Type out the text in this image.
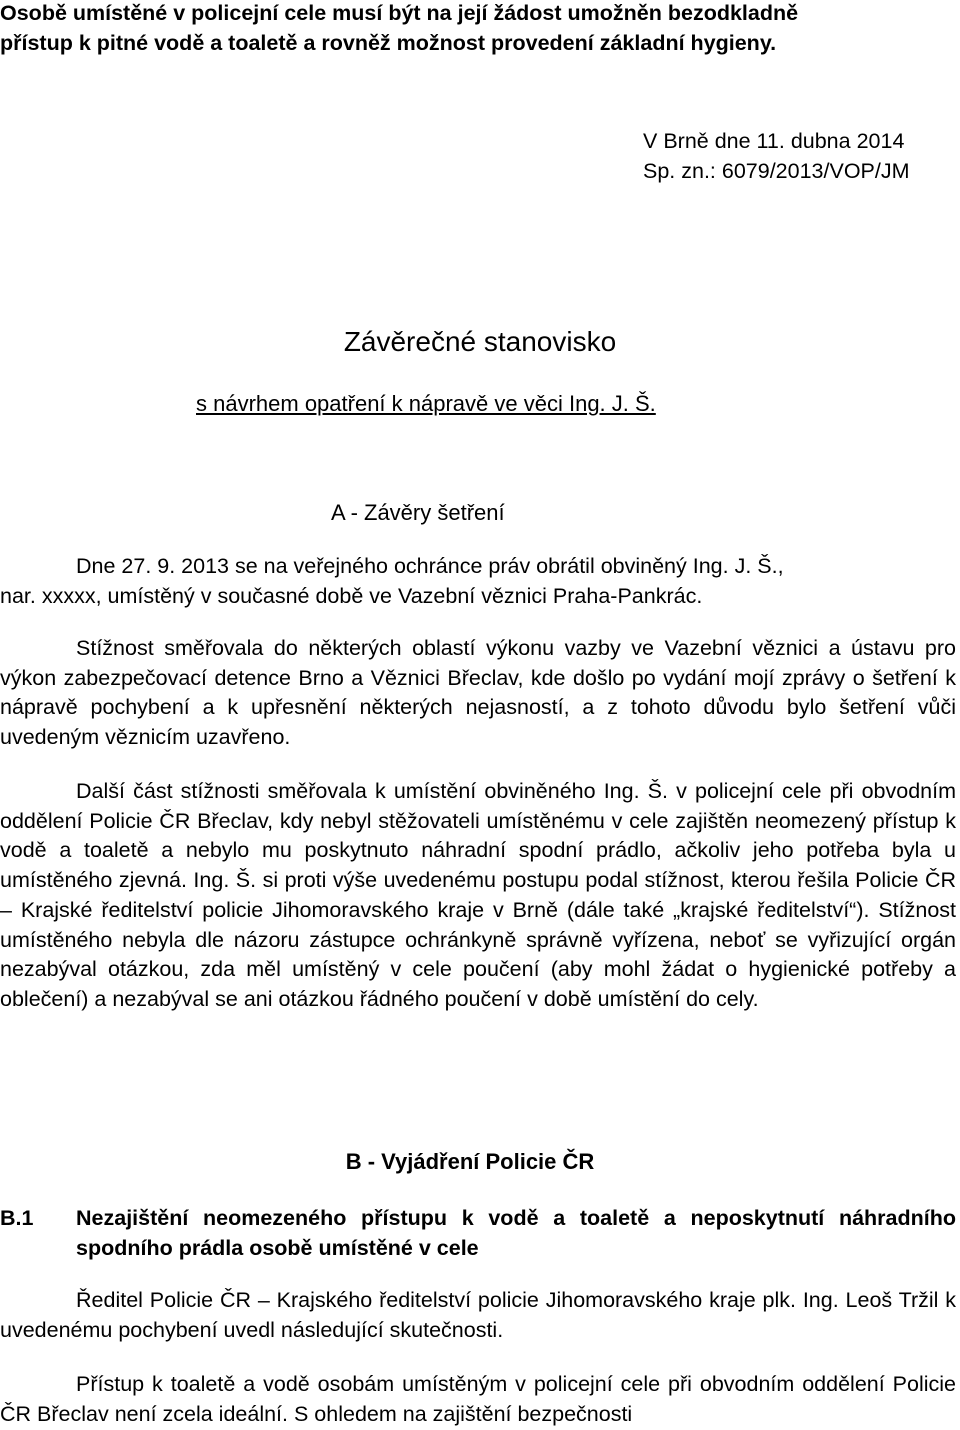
Osobě umístěné v policejní cele musí být na její žádost umožněn bezodkladně
přístup k pitné vodě a toaletě a rovněž možnost provedení základní hygieny.
V Brně dne 11. dubna 2014
Sp. zn.: 6079/2013/VOP/JM
Závěrečné stanovisko
s návrhem opatření k nápravě ve věci Ing. J. Š.
A - Závěry šetření
Dne 27. 9. 2013 se na veřejného ochránce práv obrátil obviněný Ing. J. Š.,
nar. xxxxx, umístěný v současné době ve Vazební věznici Praha-Pankrác.

Stížnost směřovala do některých oblastí výkonu vazby ve Vazební věznici a ústavu pro výkon zabezpečovací detence Brno a Věznici Břeclav, kde došlo po vydání mojí zprávy o šetření k nápravě pochybení a k upřesnění některých nejasností, a z tohoto důvodu bylo šetření vůči uvedeným věznicím uzavřeno.

Další část stížnosti směřovala k umístění obviněného Ing. Š. v policejní cele při obvodním oddělení Policie ČR Břeclav, kdy nebyl stěžovateli umístěnému v cele zajištěn neomezený přístup k vodě a toaletě a nebylo mu poskytnuto náhradní spodní prádlo, ačkoliv jeho potřeba byla u umístěného zjevná. Ing. Š. si proti výše uvedenému postupu podal stížnost, kterou řešila Policie ČR – Krajské ředitelství policie Jihomoravského kraje v Brně (dále také „krajské ředitelství“). Stížnost umístěného nebyla dle názoru zástupce ochránkyně správně vyřízena, neboť se vyřizující orgán nezabýval otázkou, zda měl umístěný v cele poučení (aby mohl žádat o hygienické potřeby a oblečení) a nezabýval se ani otázkou řádného poučení v době umístění do cely.

B - Vyjádření Policie ČR
B.1 Nezajištění neomezeného přístupu k vodě a toaletě a neposkytnutí náhradního spodního prádla osobě umístěné v cele

Ředitel Policie ČR – Krajského ředitelství policie Jihomoravského kraje plk. Ing. Leoš Tržil k uvedenému pochybení uvedl následující skutečnosti.

Přístup k toaletě a vodě osobám umístěným v policejní cele při obvodním oddělení Policie ČR Břeclav není zcela ideální. S ohledem na zajištění bezpečnosti
